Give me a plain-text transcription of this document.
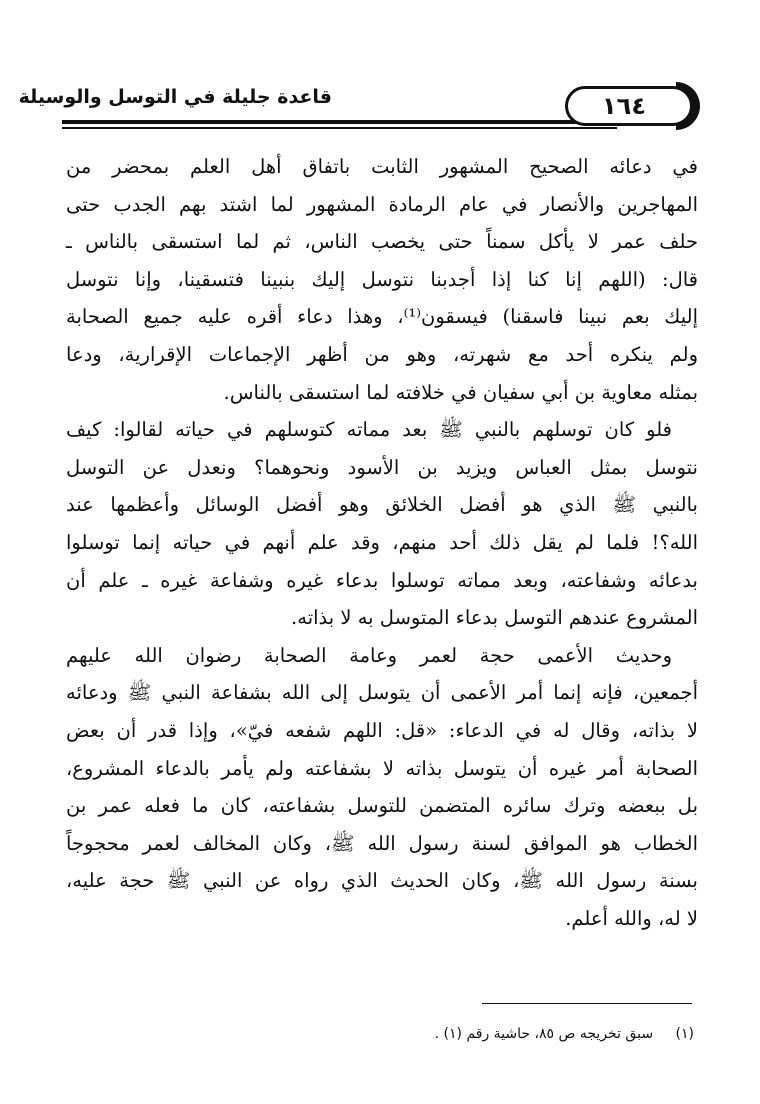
قاعدة جليلة في التوسل والوسيلة	١٦٤
في دعائه الصحيح المشهور الثابت باتفاق أهل العلم بمحضر من
المهاجرين والأنصار في عام الرمادة المشهور لما اشتد بهم الجدب حتى
حلف عمر لا يأكل سمناً حتى يخصب الناس، ثم لما استسقى بالناس ـ
قال: (اللهم إنا كنا إذا أجدبنا نتوسل إليك بنبينا فتسقينا، وإنا نتوسل
إليك بعم نبينا فاسقنا) فيسقون⁽¹⁾، وهذا دعاء أقره عليه جميع الصحابة
ولم ينكره أحد مع شهرته، وهو من أظهر الإجماعات الإقرارية، ودعا
بمثله معاوية بن أبي سفيان في خلافته لما استسقى بالناس.
فلو كان توسلهم بالنبي ﷺ بعد مماته كتوسلهم في حياته لقالوا: كيف
نتوسل بمثل العباس ويزيد بن الأسود ونحوهما؟ ونعدل عن التوسل
بالنبي ﷺ الذي هو أفضل الخلائق وهو أفضل الوسائل وأعظمها عند
الله؟! فلما لم يقل ذلك أحد منهم، وقد علم أنهم في حياته إنما توسلوا
بدعائه وشفاعته، وبعد مماته توسلوا بدعاء غيره وشفاعة غيره ـ علم أن
المشروع عندهم التوسل بدعاء المتوسل به لا بذاته.
وحديث الأعمى حجة لعمر وعامة الصحابة رضوان الله عليهم
أجمعين، فإنه إنما أمر الأعمى أن يتوسل إلى الله بشفاعة النبي ﷺ ودعائه
لا بذاته، وقال له في الدعاء: «قل: اللهم شفعه فيّ»، وإذا قدر أن بعض
الصحابة أمر غيره أن يتوسل بذاته لا بشفاعته ولم يأمر بالدعاء المشروع،
بل ببعضه وترك سائره المتضمن للتوسل بشفاعته، كان ما فعله عمر بن
الخطاب هو الموافق لسنة رسول الله ﷺ، وكان المخالف لعمر محجوجاً
بسنة رسول الله ﷺ، وكان الحديث الذي رواه عن النبي ﷺ حجة عليه،
لا له، والله أعلم.
(١) سبق تخريجه ص ٨٥، حاشية رقم (١) .
